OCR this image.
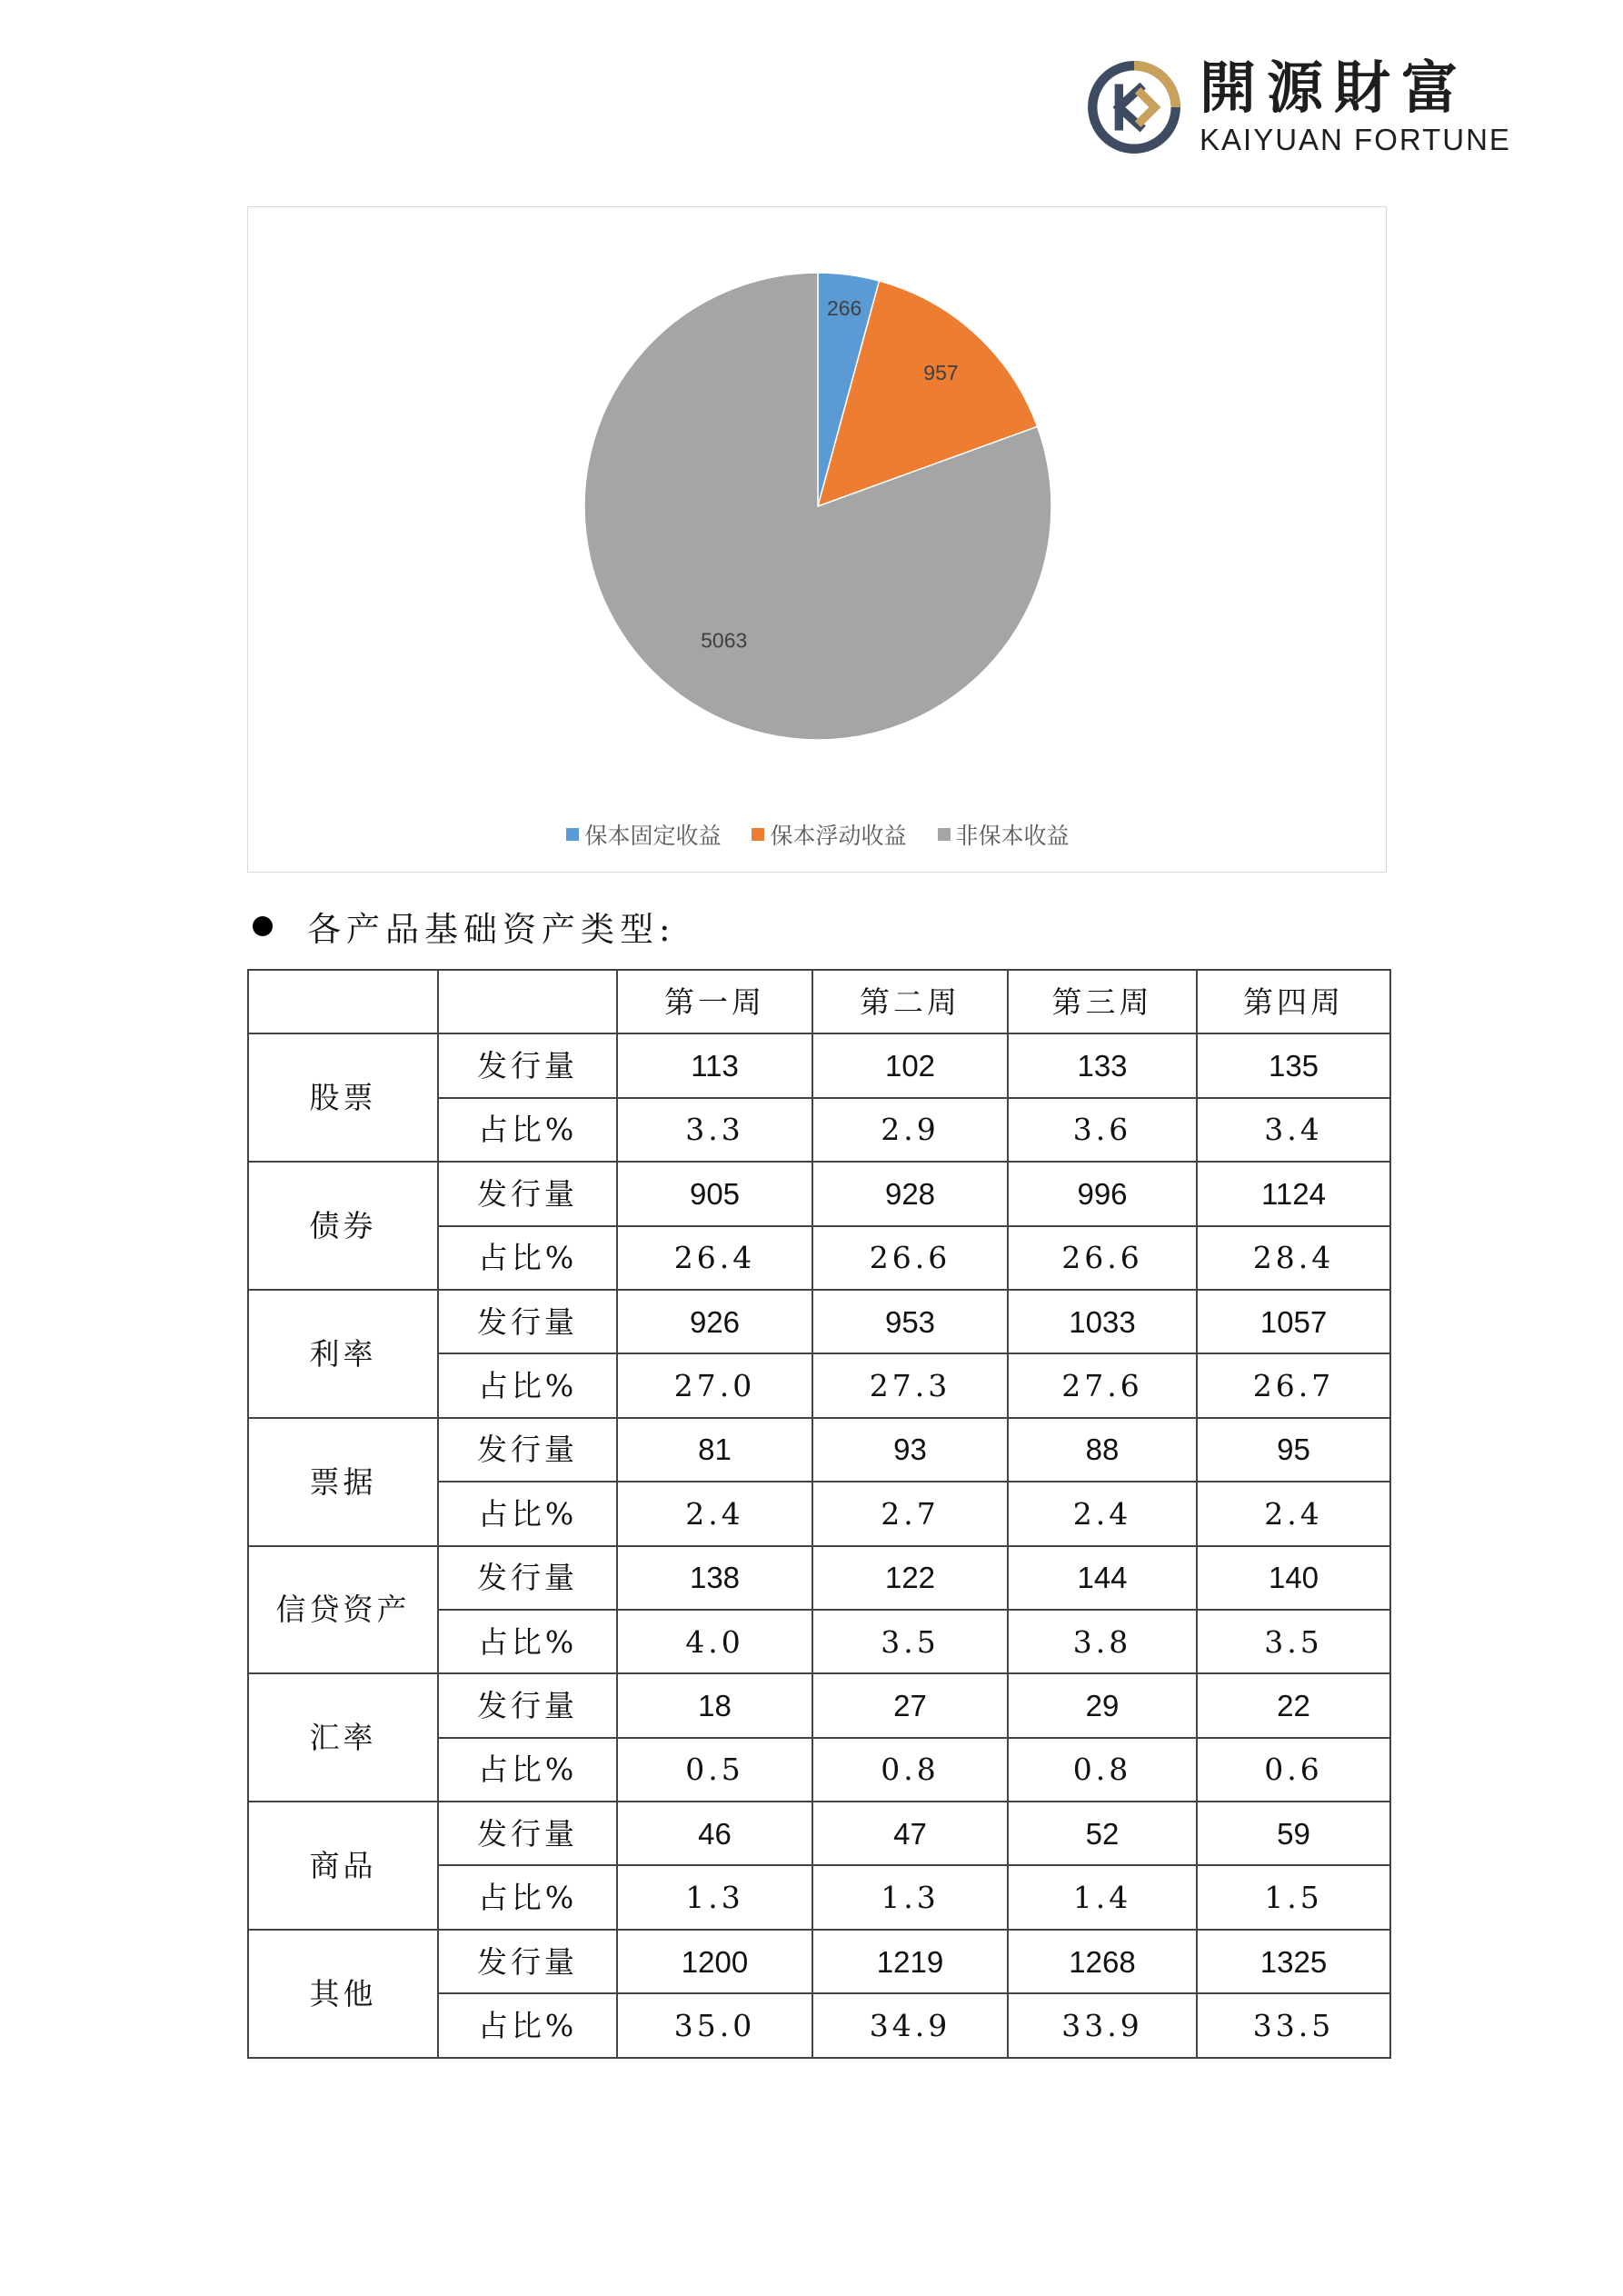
開源財富
KAIYUAN FORTUNE
266
957
5063
保本固定收益 保本浮动收益 非保本收益
各产品基础资产类型:
		第一周	第二周	第三周	第四周
股票	发行量	113	102	133	135
	占比%	3.3	2.9	3.6	3.4
债券	发行量	905	928	996	1124
	占比%	26.4	26.6	26.6	28.4
利率	发行量	926	953	1033	1057
	占比%	27.0	27.3	27.6	26.7
票据	发行量	81	93	88	95
	占比%	2.4	2.7	2.4	2.4
信贷资产	发行量	138	122	144	140
	占比%	4.0	3.5	3.8	3.5
汇率	发行量	18	27	29	22
	占比%	0.5	0.8	0.8	0.6
商品	发行量	46	47	52	59
	占比%	1.3	1.3	1.4	1.5
其他	发行量	1200	1219	1268	1325
	占比%	35.0	34.9	33.9	33.5
